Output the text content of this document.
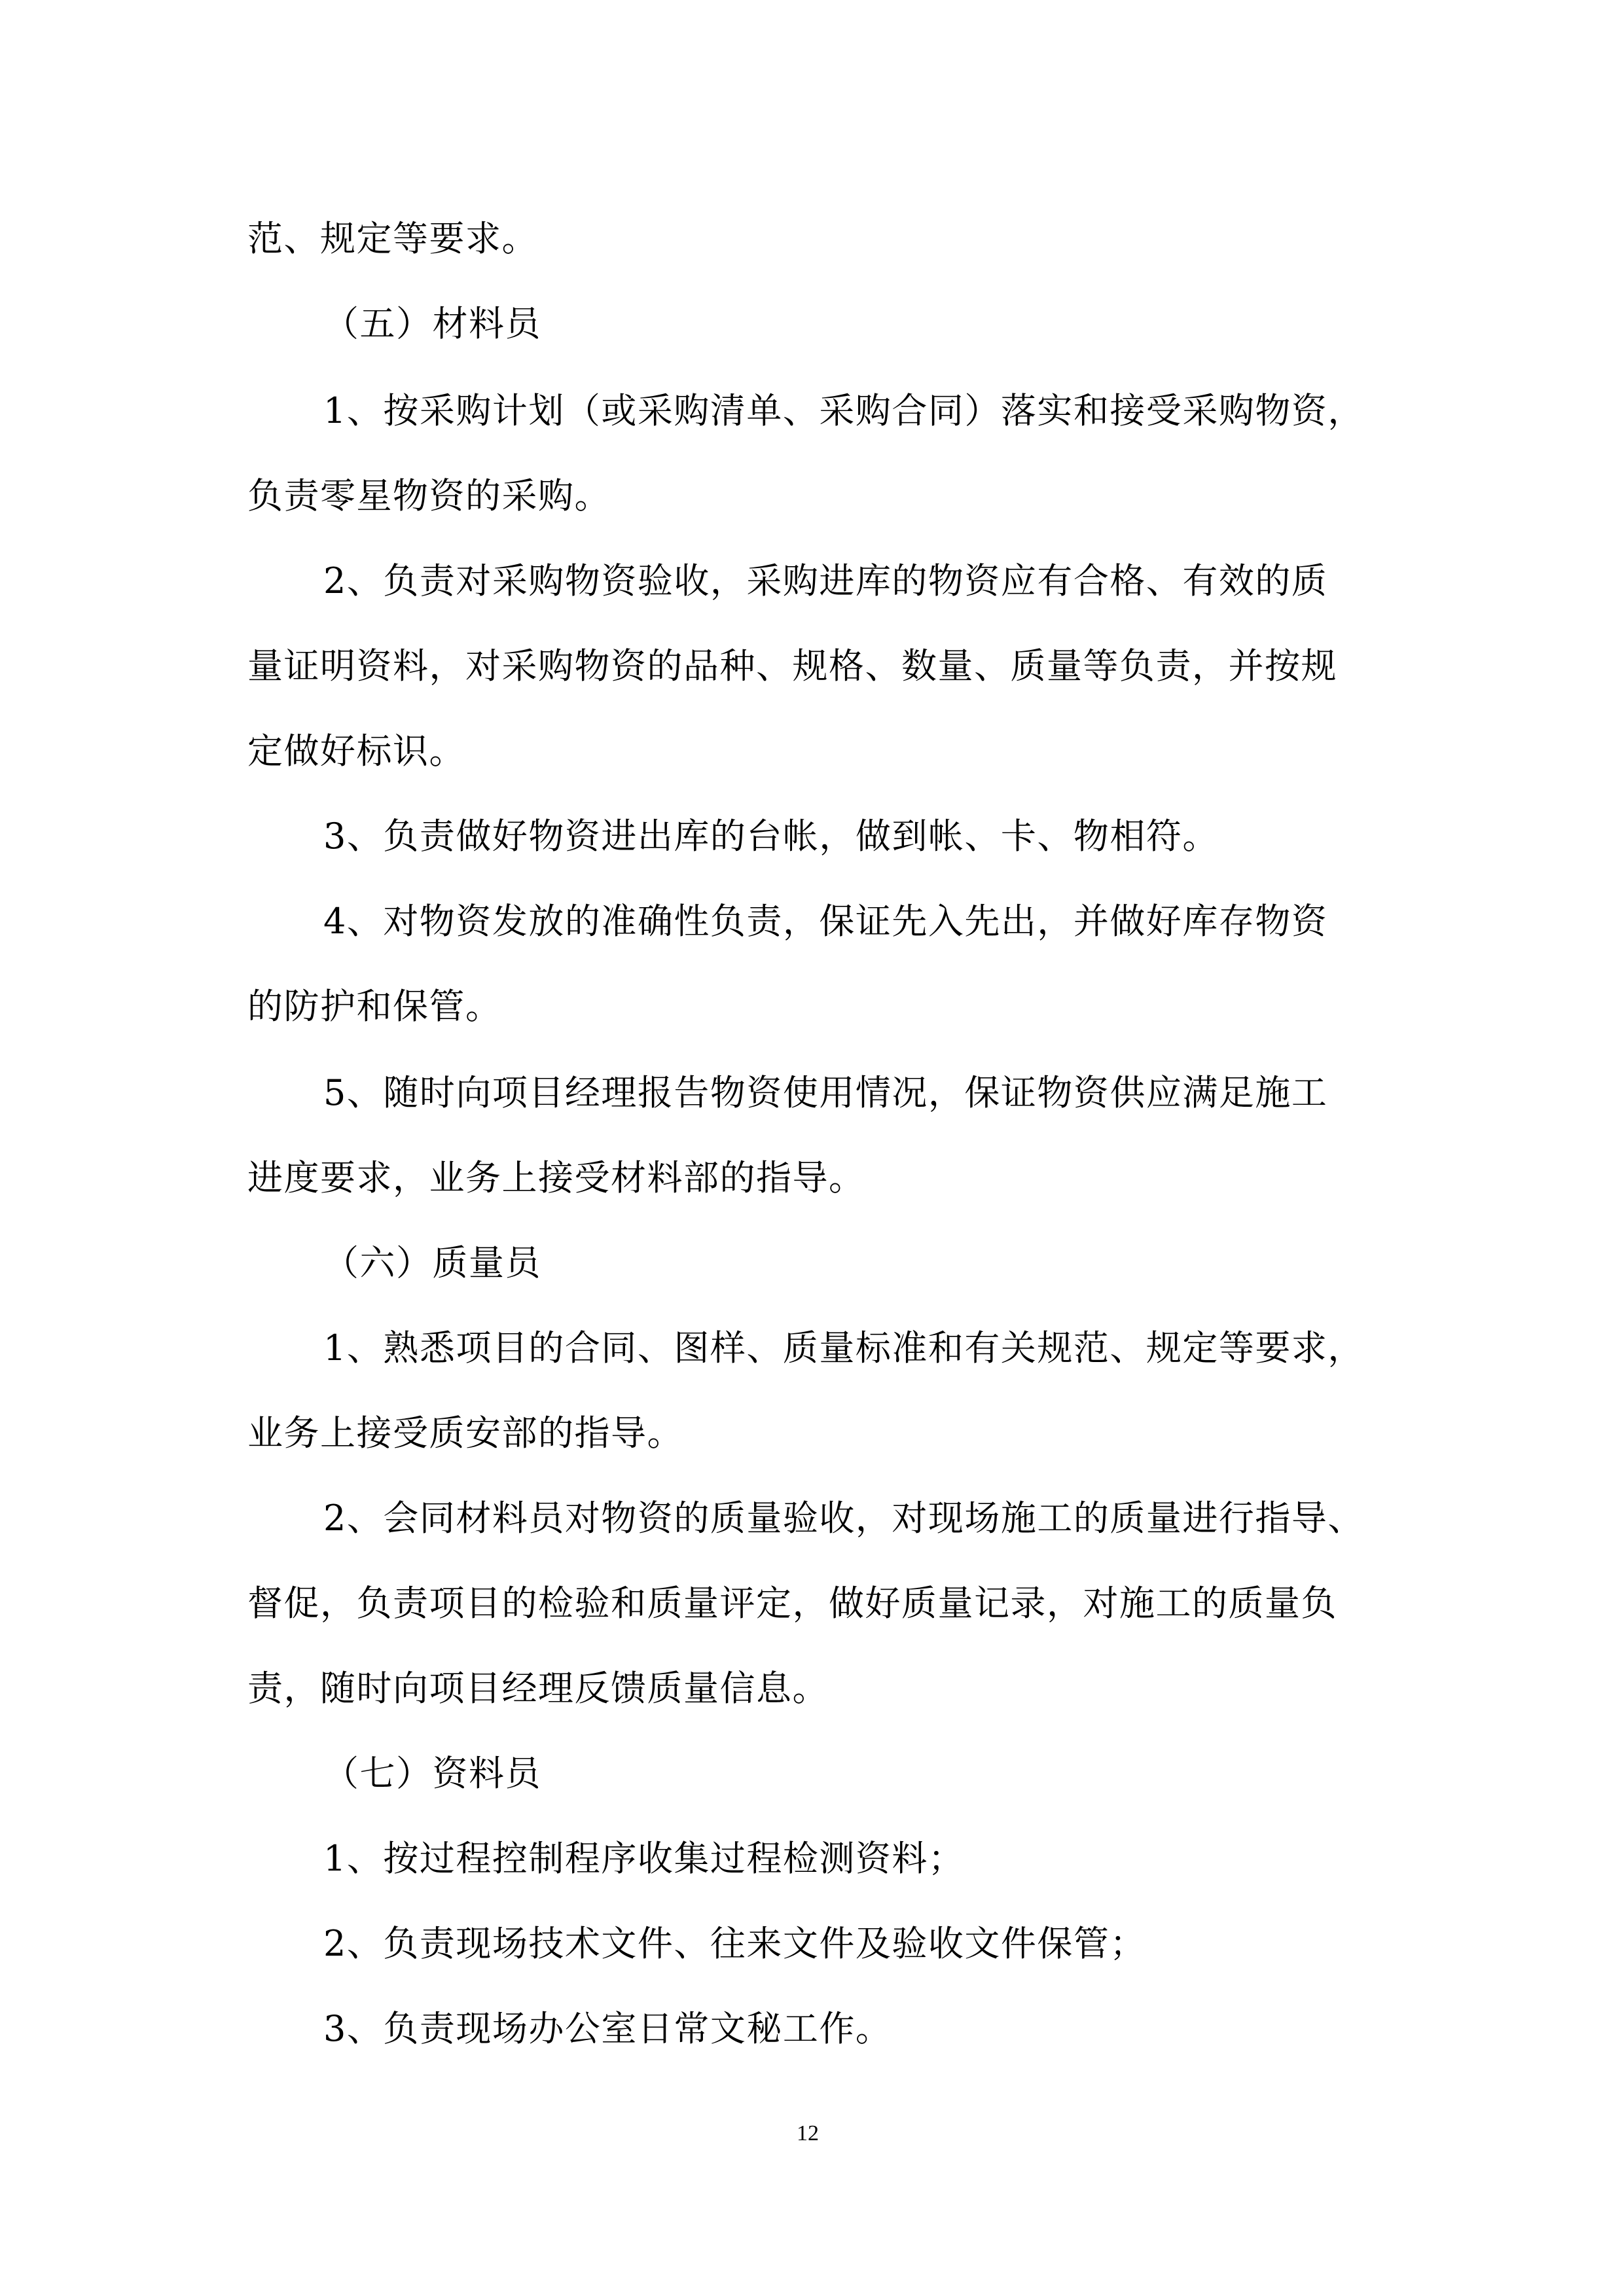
范、规定等要求。

（五）材料员

1、按采购计划（或采购清单、采购合同）落实和接受采购物资，

负责零星物资的采购。

2、负责对采购物资验收，采购进库的物资应有合格、有效的质

量证明资料，对采购物资的品种、规格、数量、质量等负责，并按规

定做好标识。

3、负责做好物资进出库的台帐，做到帐、卡、物相符。

4、对物资发放的准确性负责，保证先入先出，并做好库存物资

的防护和保管。

5、随时向项目经理报告物资使用情况，保证物资供应满足施工

进度要求，业务上接受材料部的指导。

（六）质量员

1、熟悉项目的合同、图样、质量标准和有关规范、规定等要求，

业务上接受质安部的指导。

2、会同材料员对物资的质量验收，对现场施工的质量进行指导、

督促，负责项目的检验和质量评定，做好质量记录，对施工的质量负

责，随时向项目经理反馈质量信息。

（七）资料员

1、按过程控制程序收集过程检测资料；

2、负责现场技术文件、往来文件及验收文件保管；

3、负责现场办公室日常文秘工作。

12
